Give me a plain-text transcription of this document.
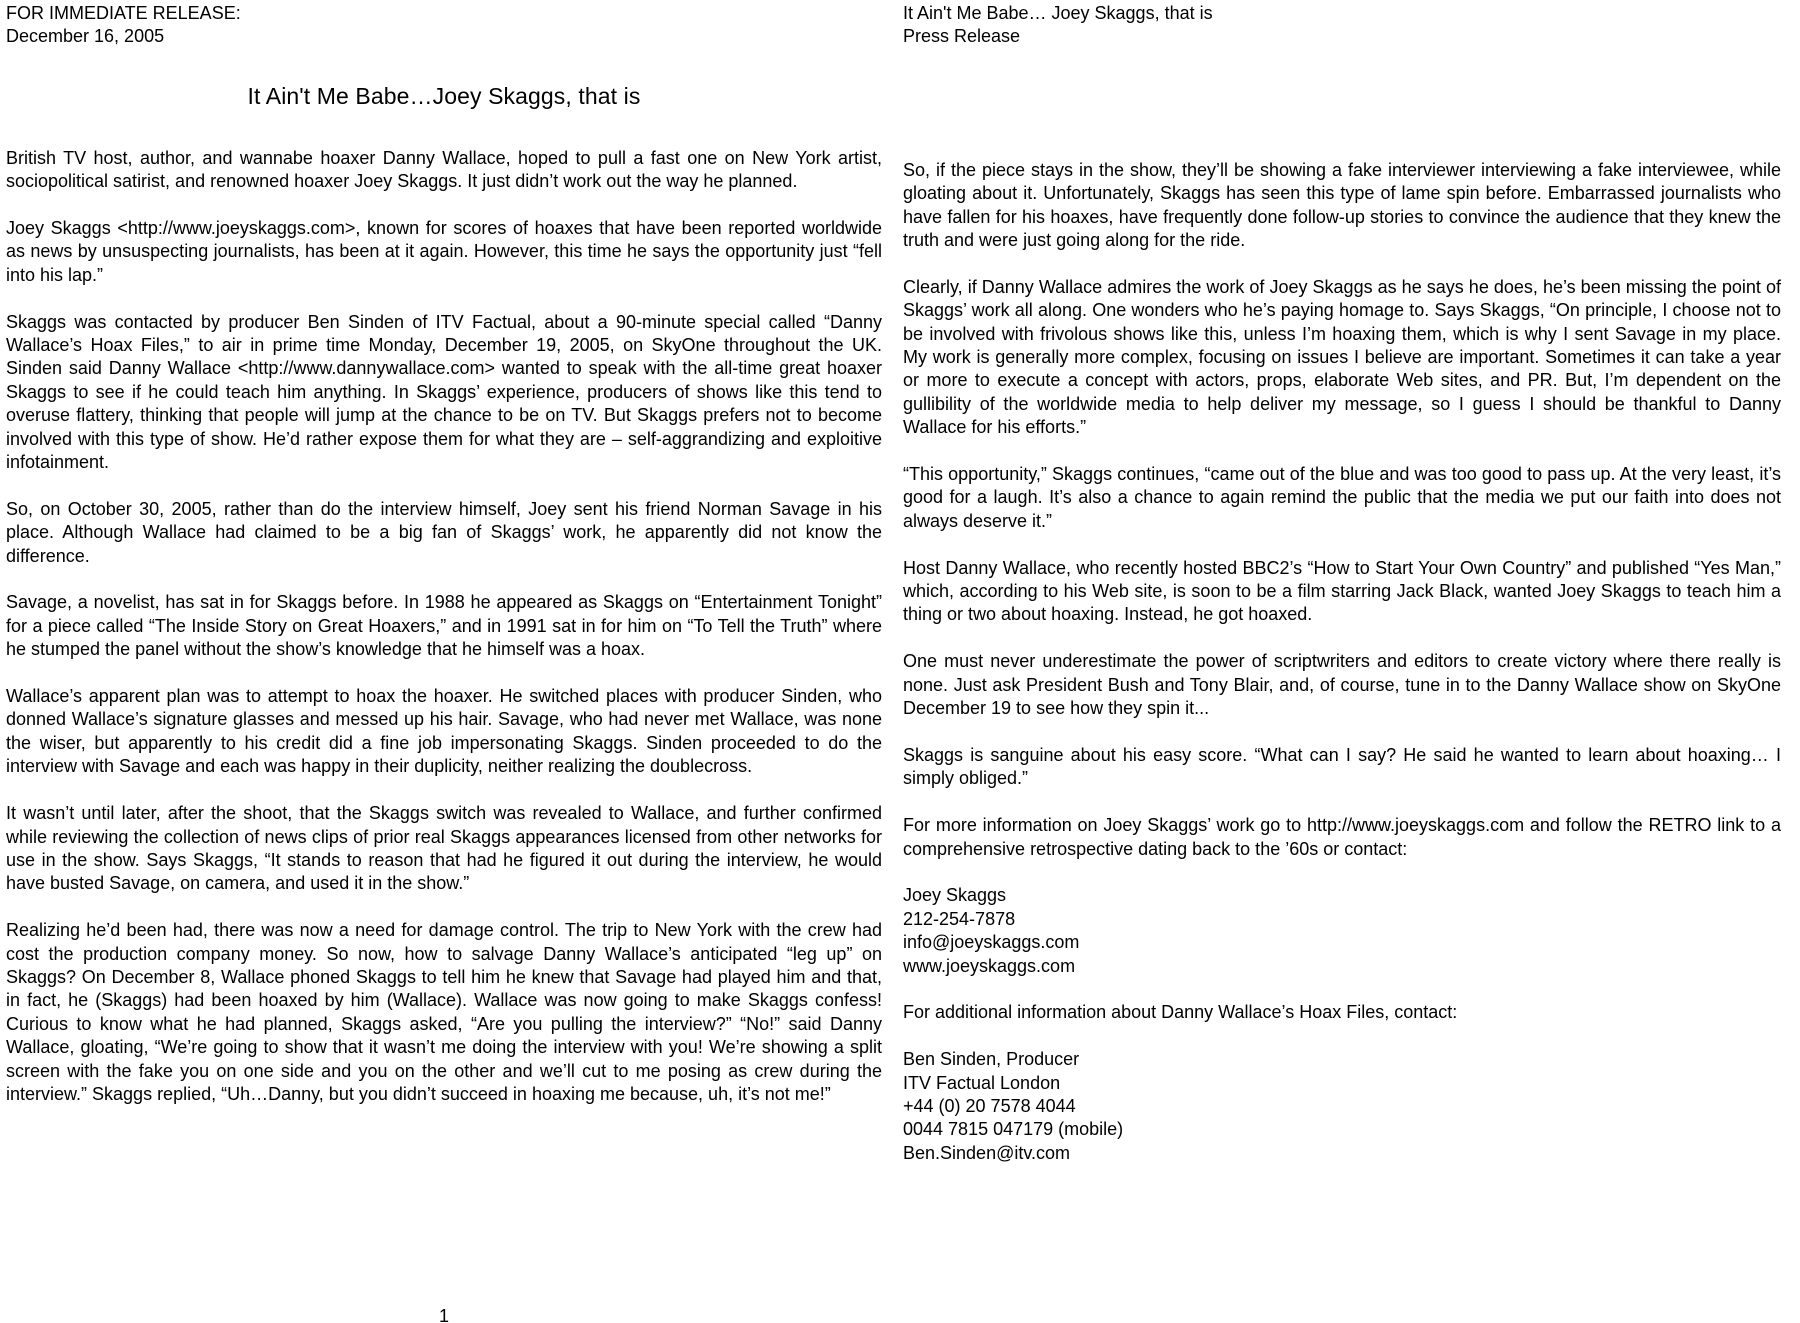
FOR IMMEDIATE RELEASE:
December 16, 2005
It Ain't Me Babe…Joey Skaggs, that is

British TV host, author, and wannabe hoaxer Danny Wallace, hoped to pull a fast one on New York artist, sociopolitical satirist, and renowned hoaxer Joey Skaggs. It just didn’t work out the way he planned.

Joey Skaggs <http://www.joeyskaggs.com>, known for scores of hoaxes that have been reported worldwide as news by unsuspecting journalists, has been at it again. However, this time he says the opportunity just “fell into his lap.”

Skaggs was contacted by producer Ben Sinden of ITV Factual, about a 90-minute special called “Danny Wallace’s Hoax Files,” to air in prime time Monday, December 19, 2005, on SkyOne throughout the UK. Sinden said Danny Wallace <http://www.dannywallace.com> wanted to speak with the all-time great hoaxer Skaggs to see if he could teach him anything. In Skaggs’ experience, producers of shows like this tend to overuse flattery, thinking that people will jump at the chance to be on TV. But Skaggs prefers not to become involved with this type of show. He’d rather expose them for what they are – self-aggrandizing and exploitive infotainment.

So, on October 30, 2005, rather than do the interview himself, Joey sent his friend Norman Savage in his place. Although Wallace had claimed to be a big fan of Skaggs’ work, he apparently did not know the difference.

Savage, a novelist, has sat in for Skaggs before. In 1988 he appeared as Skaggs on “Entertainment Tonight” for a piece called “The Inside Story on Great Hoaxers,” and in 1991 sat in for him on “To Tell the Truth” where he stumped the panel without the show’s knowledge that he himself was a hoax.

Wallace’s apparent plan was to attempt to hoax the hoaxer. He switched places with producer Sinden, who donned Wallace’s signature glasses and messed up his hair. Savage, who had never met Wallace, was none the wiser, but apparently to his credit did a fine job impersonating Skaggs. Sinden proceeded to do the interview with Savage and each was happy in their duplicity, neither realizing the doublecross.

It wasn’t until later, after the shoot, that the Skaggs switch was revealed to Wallace, and further confirmed while reviewing the collection of news clips of prior real Skaggs appearances licensed from other networks for use in the show. Says Skaggs, “It stands to reason that had he figured it out during the interview, he would have busted Savage, on camera, and used it in the show.”

Realizing he’d been had, there was now a need for damage control. The trip to New York with the crew had cost the production company money. So now, how to salvage Danny Wallace’s anticipated “leg up” on Skaggs? On December 8, Wallace phoned Skaggs to tell him he knew that Savage had played him and that, in fact, he (Skaggs) had been hoaxed by him (Wallace). Wallace was now going to make Skaggs confess! Curious to know what he had planned, Skaggs asked, “Are you pulling the interview?” “No!” said Danny Wallace, gloating, “We’re going to show that it wasn’t me doing the interview with you! We’re showing a split screen with the fake you on one side and you on the other and we’ll cut to me posing as crew during the interview.” Skaggs replied, “Uh…Danny, but you didn’t succeed in hoaxing me because, uh, it’s not me!”

It Ain't Me Babe… Joey Skaggs, that is
Press Release

So, if the piece stays in the show, they’ll be showing a fake interviewer interviewing a fake interviewee, while gloating about it. Unfortunately, Skaggs has seen this type of lame spin before. Embarrassed journalists who have fallen for his hoaxes, have frequently done follow-up stories to convince the audience that they knew the truth and were just going along for the ride.

Clearly, if Danny Wallace admires the work of Joey Skaggs as he says he does, he’s been missing the point of Skaggs’ work all along. One wonders who he’s paying homage to. Says Skaggs, “On principle, I choose not to be involved with frivolous shows like this, unless I’m hoaxing them, which is why I sent Savage in my place. My work is generally more complex, focusing on issues I believe are important. Sometimes it can take a year or more to execute a concept with actors, props, elaborate Web sites, and PR. But, I’m dependent on the gullibility of the worldwide media to help deliver my message, so I guess I should be thankful to Danny Wallace for his efforts.”

“This opportunity,” Skaggs continues, “came out of the blue and was too good to pass up. At the very least, it’s good for a laugh. It’s also a chance to again remind the public that the media we put our faith into does not always deserve it.”

Host Danny Wallace, who recently hosted BBC2’s “How to Start Your Own Country” and published “Yes Man,” which, according to his Web site, is soon to be a film starring Jack Black, wanted Joey Skaggs to teach him a thing or two about hoaxing. Instead, he got hoaxed.

One must never underestimate the power of scriptwriters and editors to create victory where there really is none. Just ask President Bush and Tony Blair, and, of course, tune in to the Danny Wallace show on SkyOne December 19 to see how they spin it...

Skaggs is sanguine about his easy score. “What can I say? He said he wanted to learn about hoaxing… I simply obliged.”

For more information on Joey Skaggs’ work go to http://www.joeyskaggs.com and follow the RETRO link to a comprehensive retrospective dating back to the ’60s or contact:

Joey Skaggs
212-254-7878
info@joeyskaggs.com
www.joeyskaggs.com

For additional information about Danny Wallace’s Hoax Files, contact:

Ben Sinden, Producer
ITV Factual London
+44 (0) 20 7578 4044
0044 7815 047179 (mobile)
Ben.Sinden@itv.com
1
